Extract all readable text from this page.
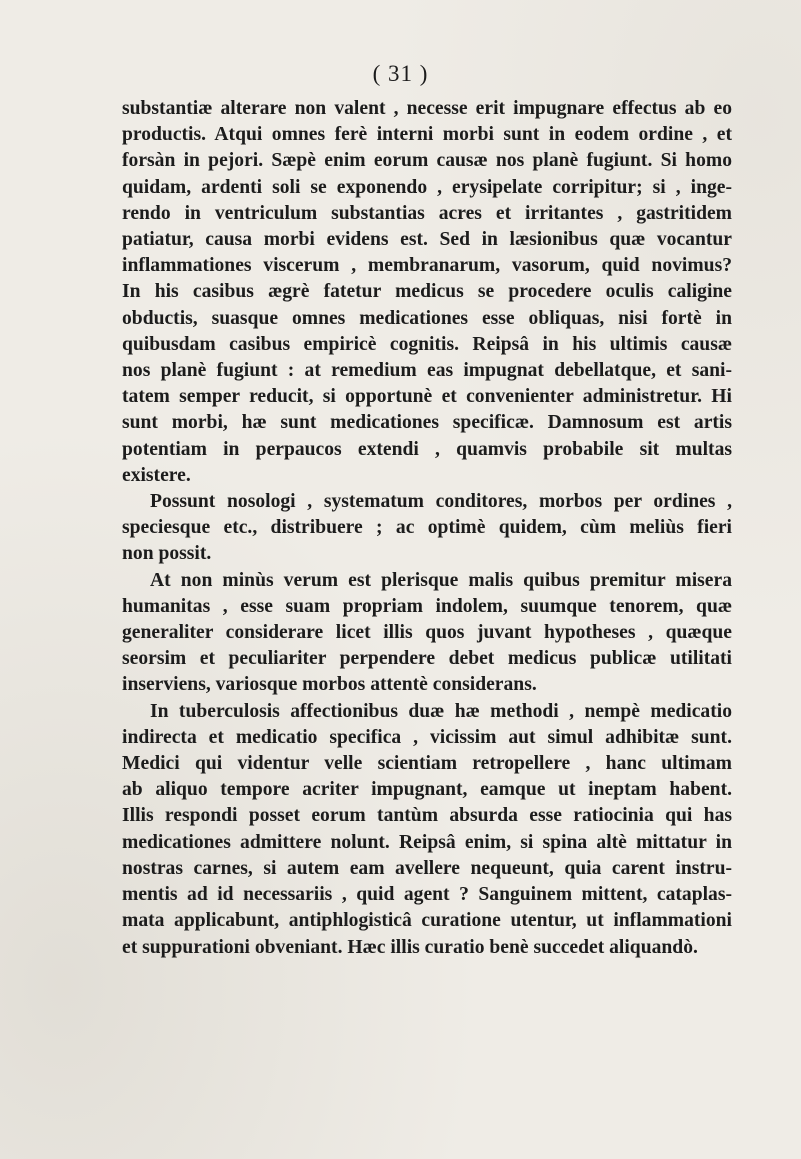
( 31 )
substantiæ alterare non valent , necesse erit impugnare effectus ab eo
productis. Atqui omnes ferè interni morbi sunt in eodem ordine , et
forsàn in pejori. Sæpè enim eorum causæ nos planè fugiunt. Si homo
quidam, ardenti soli se exponendo , erysipelate corripitur; si , inge-
rendo in ventriculum substantias acres et irritantes , gastritidem
patiatur, causa morbi evidens est. Sed in læsionibus quæ vocantur
inflammationes viscerum , membranarum, vasorum, quid novimus?
In his casibus ægrè fatetur medicus se procedere oculis caligine
obductis, suasque omnes medicationes esse obliquas, nisi fortè in
quibusdam casibus empiricè cognitis. Reipsâ in his ultimis causæ
nos planè fugiunt : at remedium eas impugnat debellatque, et sani-
tatem semper reducit, si opportunè et convenienter administretur. Hi
sunt morbi, hæ sunt medicationes specificæ. Damnosum est artis
potentiam in perpaucos extendi , quamvis probabile sit multas
existere.
Possunt nosologi , systematum conditores, morbos per ordines ,
speciesque etc., distribuere ; ac optimè quidem, cùm meliùs fieri
non possit.
At non minùs verum est plerisque malis quibus premitur misera
humanitas , esse suam propriam indolem, suumque tenorem, quæ
generaliter considerare licet illis quos juvant hypotheses , quæque
seorsim et peculiariter perpendere debet medicus publicæ utilitati
inserviens, variosque morbos attentè considerans.
In tuberculosis affectionibus duæ hæ methodi , nempè medicatio
indirecta et medicatio specifica , vicissim aut simul adhibitæ sunt.
Medici qui videntur velle scientiam retropellere , hanc ultimam
ab aliquo tempore acriter impugnant, eamque ut ineptam habent.
Illis respondi posset eorum tantùm absurda esse ratiocinia qui has
medicationes admittere nolunt. Reipsâ enim, si spina altè mittatur in
nostras carnes, si autem eam avellere nequeunt, quia carent instru-
mentis ad id necessariis , quid agent ? Sanguinem mittent, cataplas-
mata applicabunt, antiphlogisticâ curatione utentur, ut inflammationi
et suppurationi obveniant. Hæc illis curatio benè succedet aliquandò.
